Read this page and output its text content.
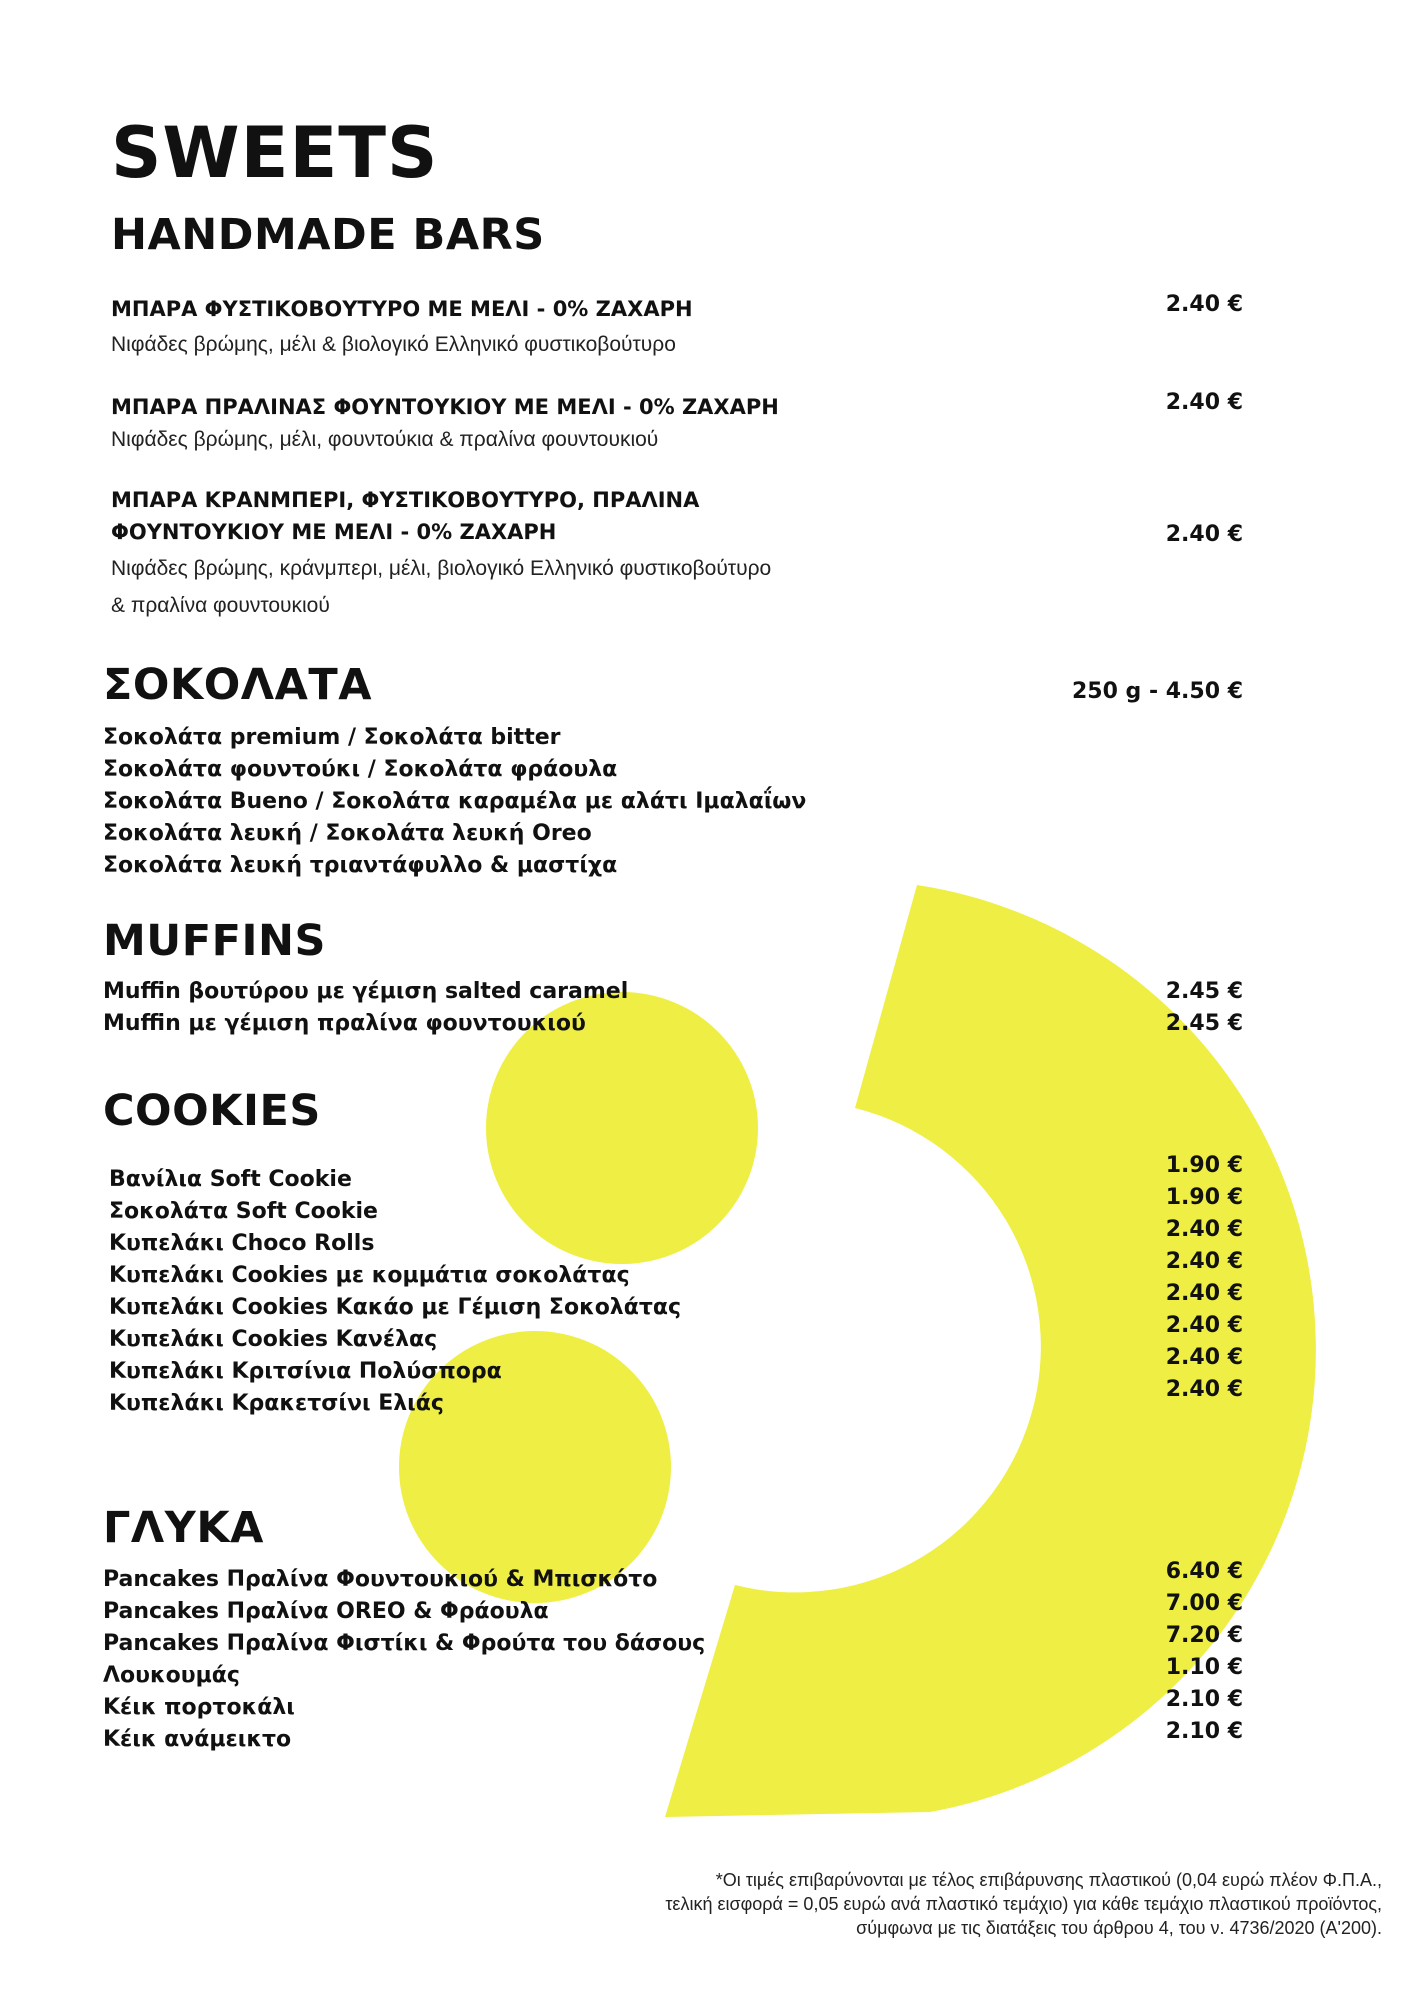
SWEETS
HANDMADE BARS
ΜΠΑΡΑ ΦΥΣΤΙΚΟΒΟΥΤΥΡΟ ΜΕ ΜΕΛΙ - 0% ΖΑΧΑΡΗ
Νιφάδες βρώμης, μέλι & βιολογικό Ελληνικό φυστικοβούτυρο
2.40 €
ΜΠΑΡΑ ΠΡΑΛΙΝΑΣ ΦΟΥΝΤΟΥΚΙΟΥ ΜΕ ΜΕΛΙ - 0% ΖΑΧΑΡΗ
Νιφάδες βρώμης, μέλι, φουντούκια & πραλίνα φουντουκιού
2.40 €
ΜΠΑΡΑ ΚΡΑΝΜΠΕΡΙ, ΦΥΣΤΙΚΟΒΟΥΤΥΡΟ, ΠΡΑΛΙΝΑ
ΦΟΥΝΤΟΥΚΙΟΥ ΜΕ ΜΕΛΙ - 0% ΖΑΧΑΡΗ
Νιφάδες βρώμης, κράνμπερι, μέλι, βιολογικό Ελληνικό φυστικοβούτυρο
& πραλίνα φουντουκιού
2.40 €
ΣΟΚΟΛΑΤΑ	250 g - 4.50 €
Σοκολάτα premium / Σοκολάτα bitter
Σοκολάτα φουντούκι / Σοκολάτα φράουλα
Σοκολάτα Bueno / Σοκολάτα καραμέλα με αλάτι Ιμαλαΐων
Σοκολάτα λευκή / Σοκολάτα λευκή Oreo
Σοκολάτα λευκή τριαντάφυλλο & μαστίχα
MUFFINS
Muffin βουτύρου με γέμιση salted caramel
Muffin με γέμιση πραλίνα φουντουκιού
2.45 €
2.45 €
COOKIES
Βανίλια Soft Cookie
Σοκολάτα Soft Cookie
Κυπελάκι Choco Rolls
Κυπελάκι Cookies με κομμάτια σοκολάτας
Κυπελάκι Cookies Κακάο με Γέμιση Σοκολάτας
Κυπελάκι Cookies Κανέλας
Κυπελάκι Κριτσίνια Πολύσπορα
Κυπελάκι Κρακετσίνι Ελιάς
1.90 €
1.90 €
2.40 €
2.40 €
2.40 €
2.40 €
2.40 €
2.40 €
ΓΛΥΚΑ
Pancakes Πραλίνα Φουντουκιού & Μπισκότο
Pancakes Πραλίνα OREO & Φράουλα
Pancakes Πραλίνα Φιστίκι & Φρούτα του δάσους
Λουκουμάς
Κέικ πορτοκάλι
Κέικ ανάμεικτο
6.40 €
7.00 €
7.20 €
1.10 €
2.10 €
2.10 €
*Οι τιμές επιβαρύνονται με τέλος επιβάρυνσης πλαστικού (0,04 ευρώ πλέον Φ.Π.Α.,
τελική εισφορά = 0,05 ευρώ ανά πλαστικό τεμάχιο) για κάθε τεμάχιο πλαστικού προϊόντος,
σύμφωνα με τις διατάξεις του άρθρου 4, του ν. 4736/2020 (Α'200).
